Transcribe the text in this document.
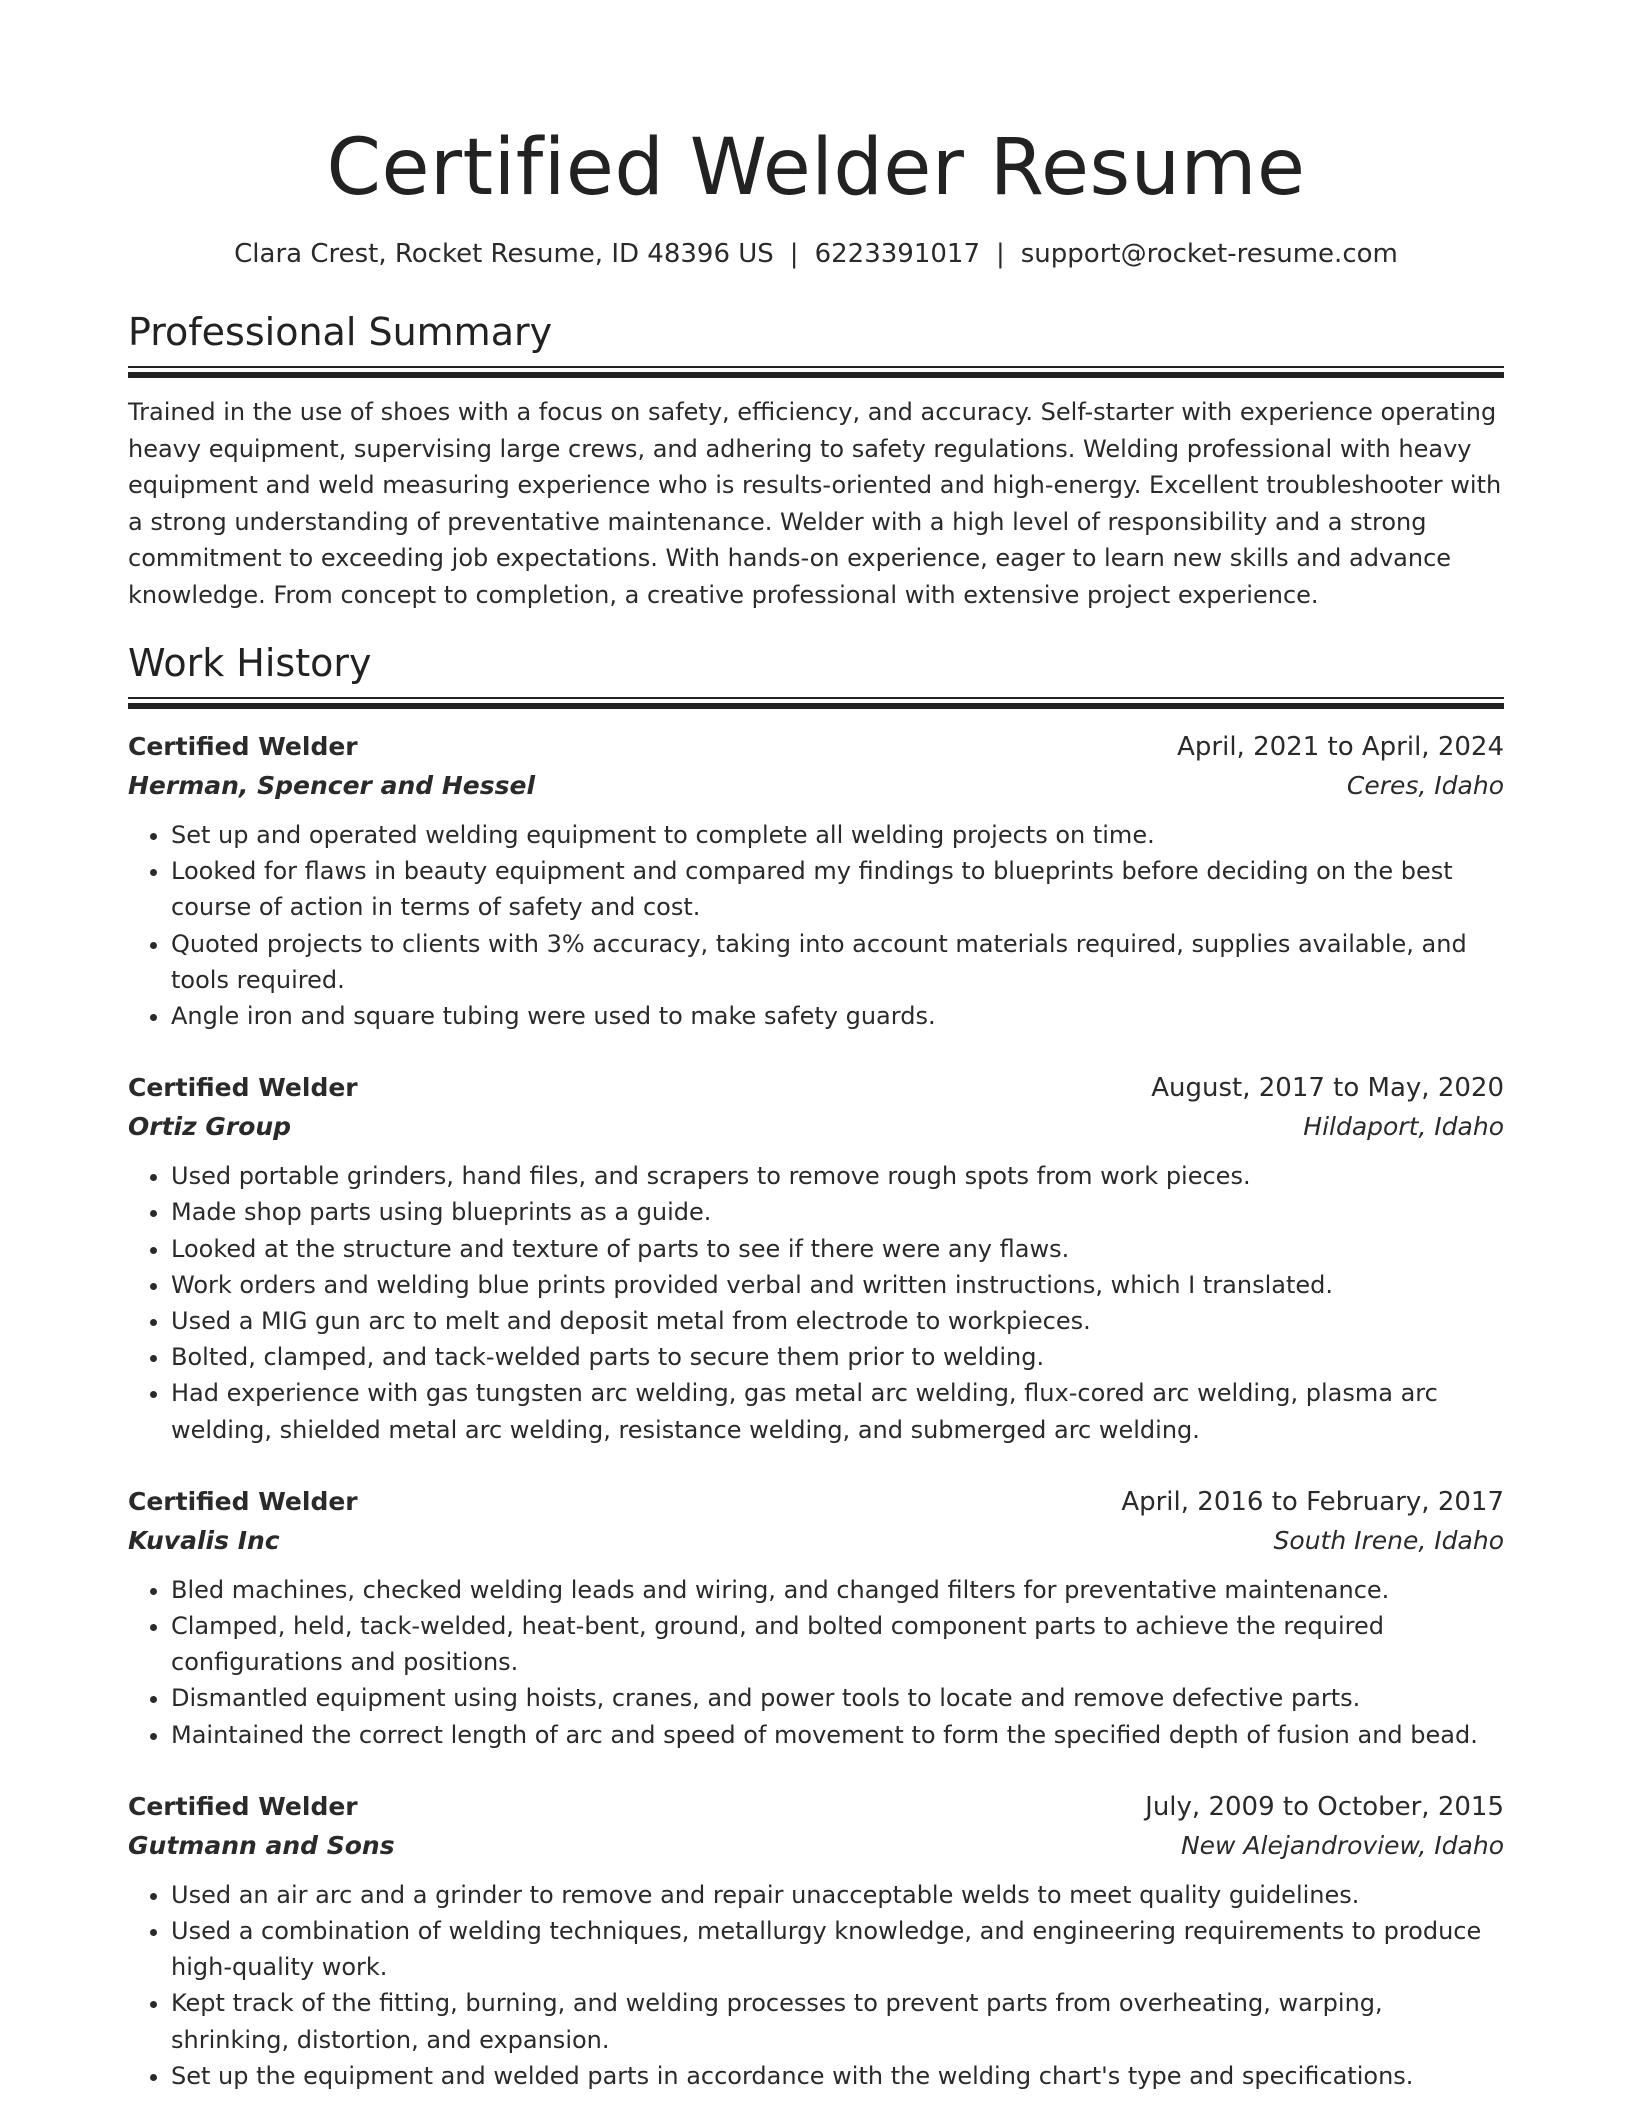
Certified Welder Resume
Clara Crest, Rocket Resume, ID 48396 US | 6223391017 | support@rocket-resume.com
Professional Summary
Trained in the use of shoes with a focus on safety, efficiency, and accuracy. Self-starter with experience operating heavy equipment, supervising large crews, and adhering to safety regulations. Welding professional with heavy equipment and weld measuring experience who is results-oriented and high-energy. Excellent troubleshooter with a strong understanding of preventative maintenance. Welder with a high level of responsibility and a strong commitment to exceeding job expectations. With hands-on experience, eager to learn new skills and advance knowledge. From concept to completion, a creative professional with extensive project experience.
Work History
Certified Welder	April, 2021 to April, 2024
Herman, Spencer and Hessel	Ceres, Idaho
• Set up and operated welding equipment to complete all welding projects on time.
• Looked for flaws in beauty equipment and compared my findings to blueprints before deciding on the best course of action in terms of safety and cost.
• Quoted projects to clients with 3% accuracy, taking into account materials required, supplies available, and tools required.
• Angle iron and square tubing were used to make safety guards.
Certified Welder	August, 2017 to May, 2020
Ortiz Group	Hildaport, Idaho
• Used portable grinders, hand files, and scrapers to remove rough spots from work pieces.
• Made shop parts using blueprints as a guide.
• Looked at the structure and texture of parts to see if there were any flaws.
• Work orders and welding blue prints provided verbal and written instructions, which I translated.
• Used a MIG gun arc to melt and deposit metal from electrode to workpieces.
• Bolted, clamped, and tack-welded parts to secure them prior to welding.
• Had experience with gas tungsten arc welding, gas metal arc welding, flux-cored arc welding, plasma arc welding, shielded metal arc welding, resistance welding, and submerged arc welding.
Certified Welder	April, 2016 to February, 2017
Kuvalis Inc	South Irene, Idaho
• Bled machines, checked welding leads and wiring, and changed filters for preventative maintenance.
• Clamped, held, tack-welded, heat-bent, ground, and bolted component parts to achieve the required configurations and positions.
• Dismantled equipment using hoists, cranes, and power tools to locate and remove defective parts.
• Maintained the correct length of arc and speed of movement to form the specified depth of fusion and bead.
Certified Welder	July, 2009 to October, 2015
Gutmann and Sons	New Alejandroview, Idaho
• Used an air arc and a grinder to remove and repair unacceptable welds to meet quality guidelines.
• Used a combination of welding techniques, metallurgy knowledge, and engineering requirements to produce high-quality work.
• Kept track of the fitting, burning, and welding processes to prevent parts from overheating, warping, shrinking, distortion, and expansion.
• Set up the equipment and welded parts in accordance with the welding chart's type and specifications.
